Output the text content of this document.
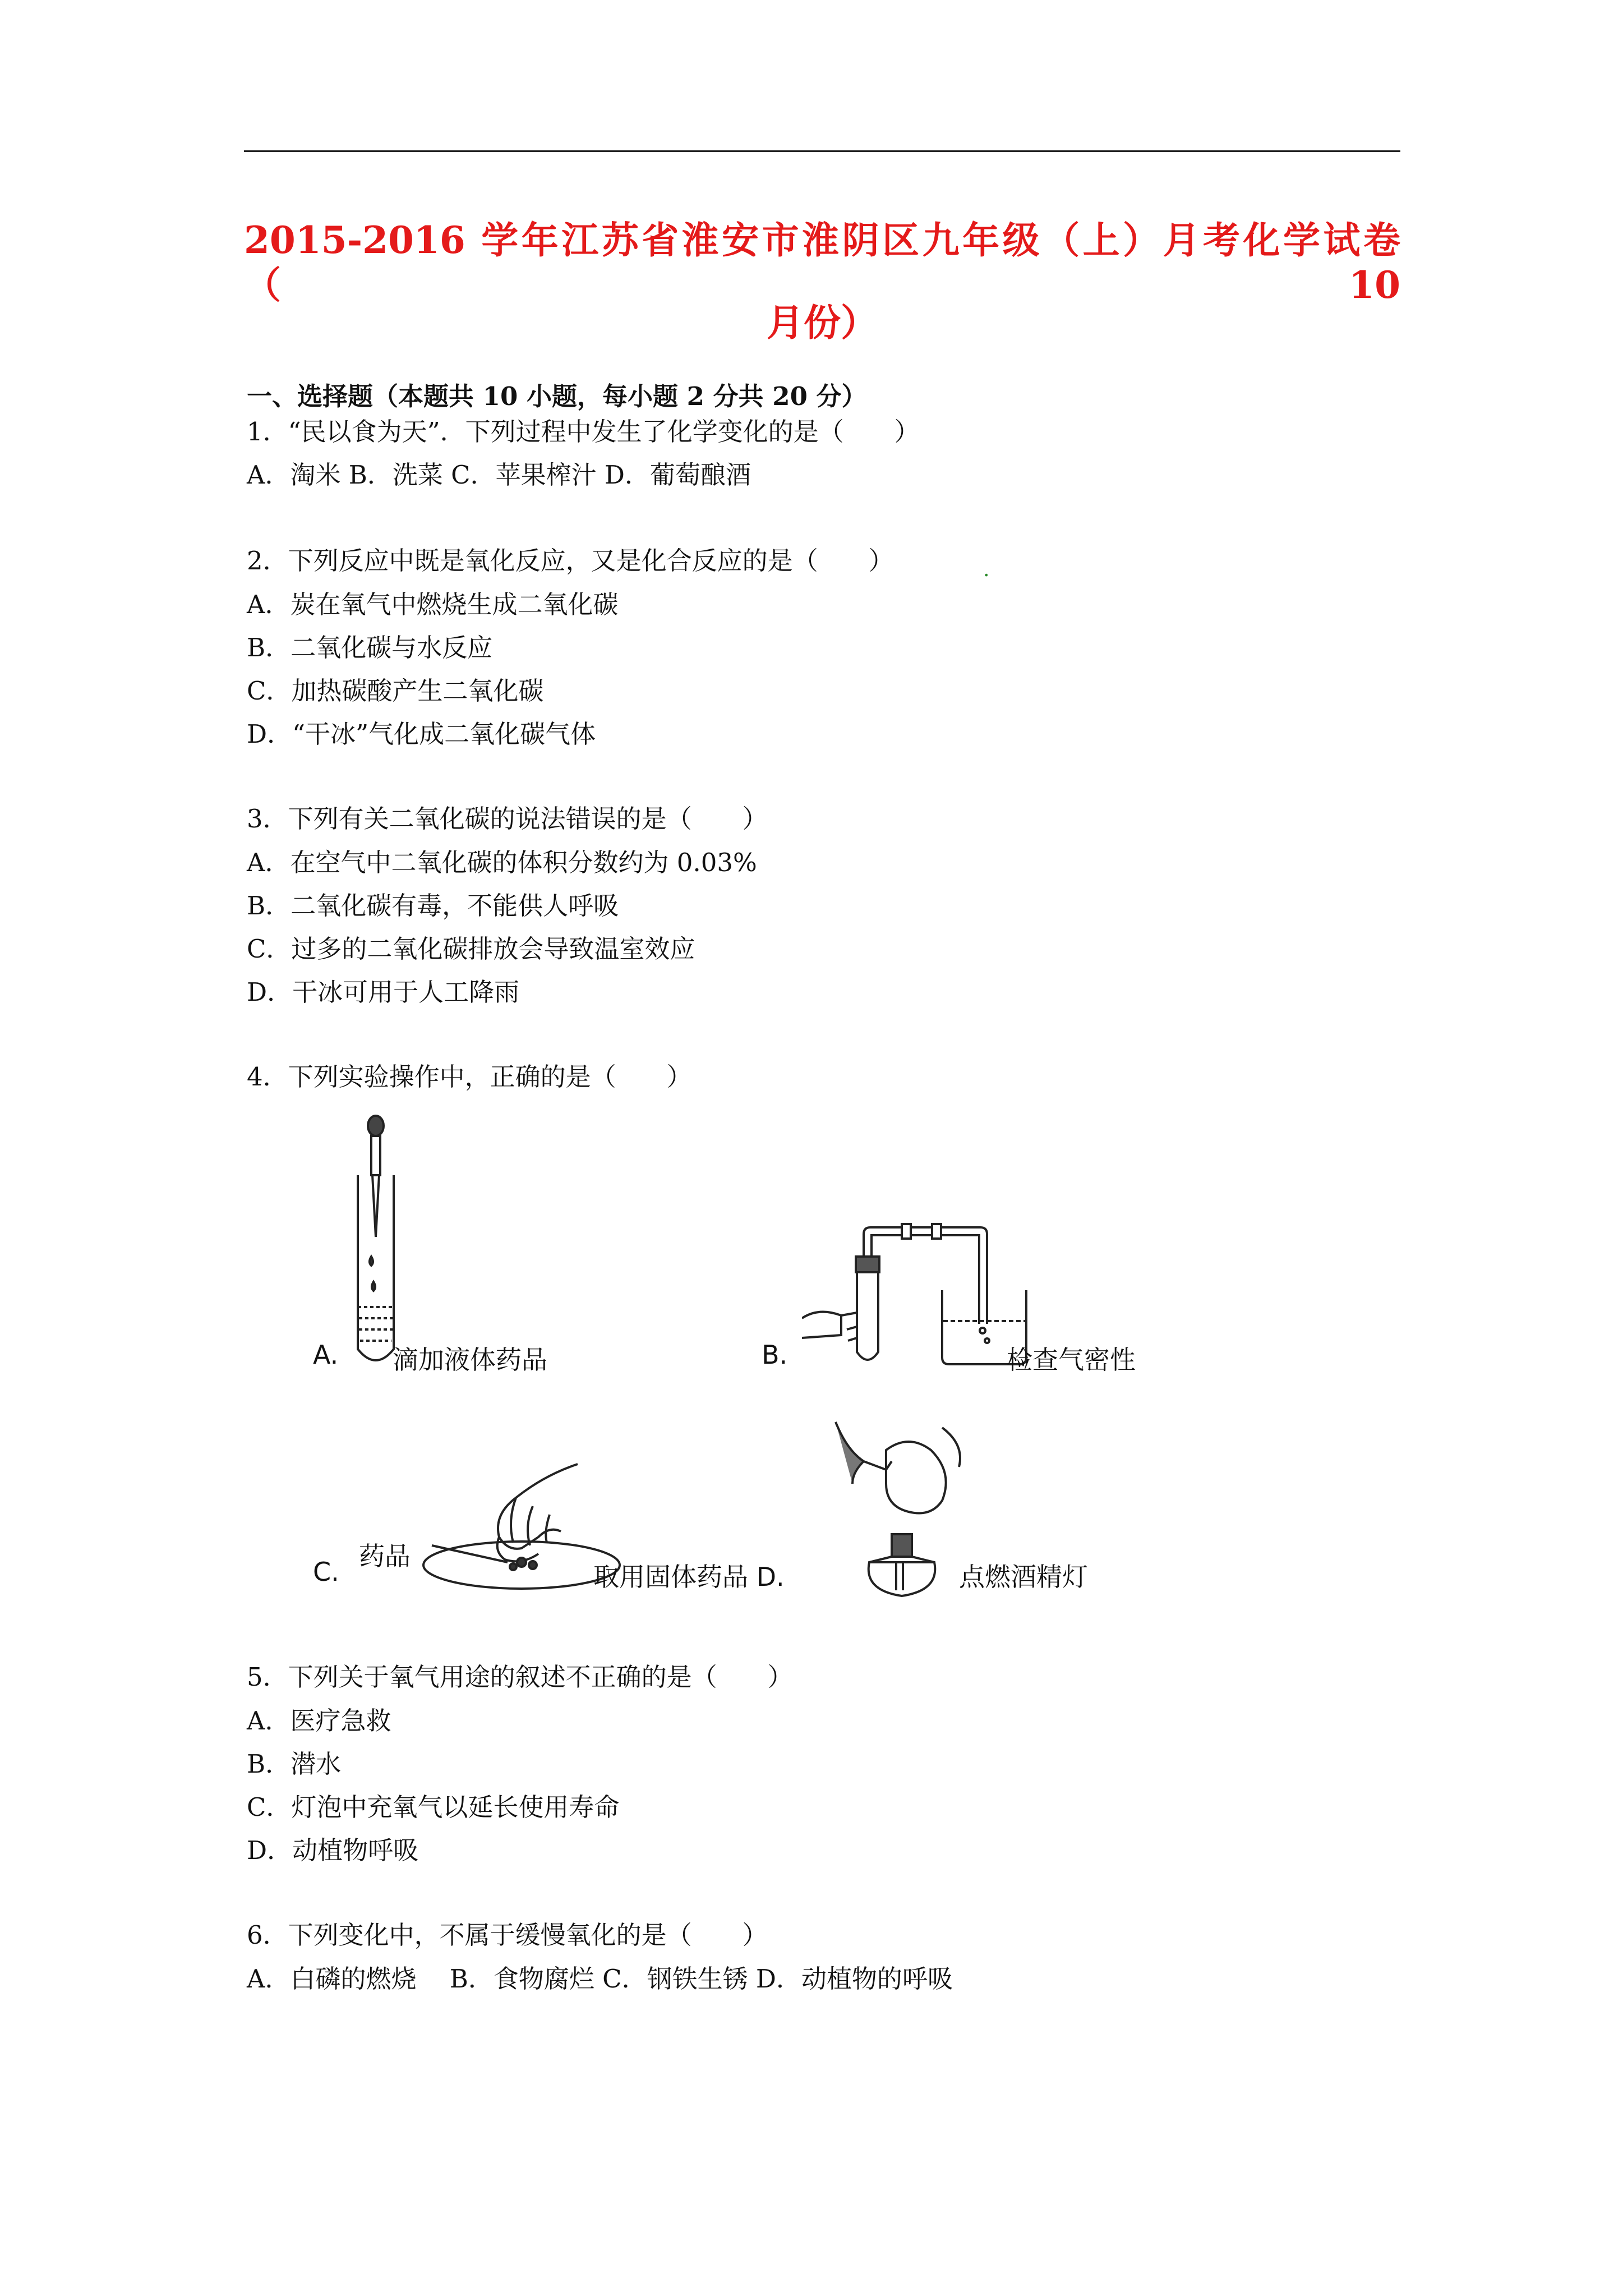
2015-2016 学年江苏省淮安市淮阴区九年级（上）月考化学试卷（10
月份）
一、选择题（本题共 10 小题，每小题 2 分共 20 分）
1．“民以食为天”．下列过程中发生了化学变化的是（　　）
A．淘米 B．洗菜 C．苹果榨汁 D．葡萄酿酒
2．下列反应中既是氧化反应，又是化合反应的是（　　）	.
A．炭在氧气中燃烧生成二氧化碳
B．二氧化碳与水反应
C．加热碳酸产生二氧化碳
D．“干冰”气化成二氧化碳气体
3．下列有关二氧化碳的说法错误的是（　　）
A．在空气中二氧化碳的体积分数约为 0.03%
B．二氧化碳有毒，不能供人呼吸
C．过多的二氧化碳排放会导致温室效应
D．干冰可用于人工降雨
4．下列实验操作中，正确的是（　　）
A. 滴加液体药品	B.	检查气密性
C.
药品
取用固体药品 D.	点燃酒精灯
5．下列关于氧气用途的叙述不正确的是（　　）
A．医疗急救
B．潜水
C．灯泡中充氧气以延长使用寿命
D．动植物呼吸
6．下列变化中，不属于缓慢氧化的是（　　）
A．白磷的燃烧　 B．食物腐烂 C．钢铁生锈 D．动植物的呼吸
